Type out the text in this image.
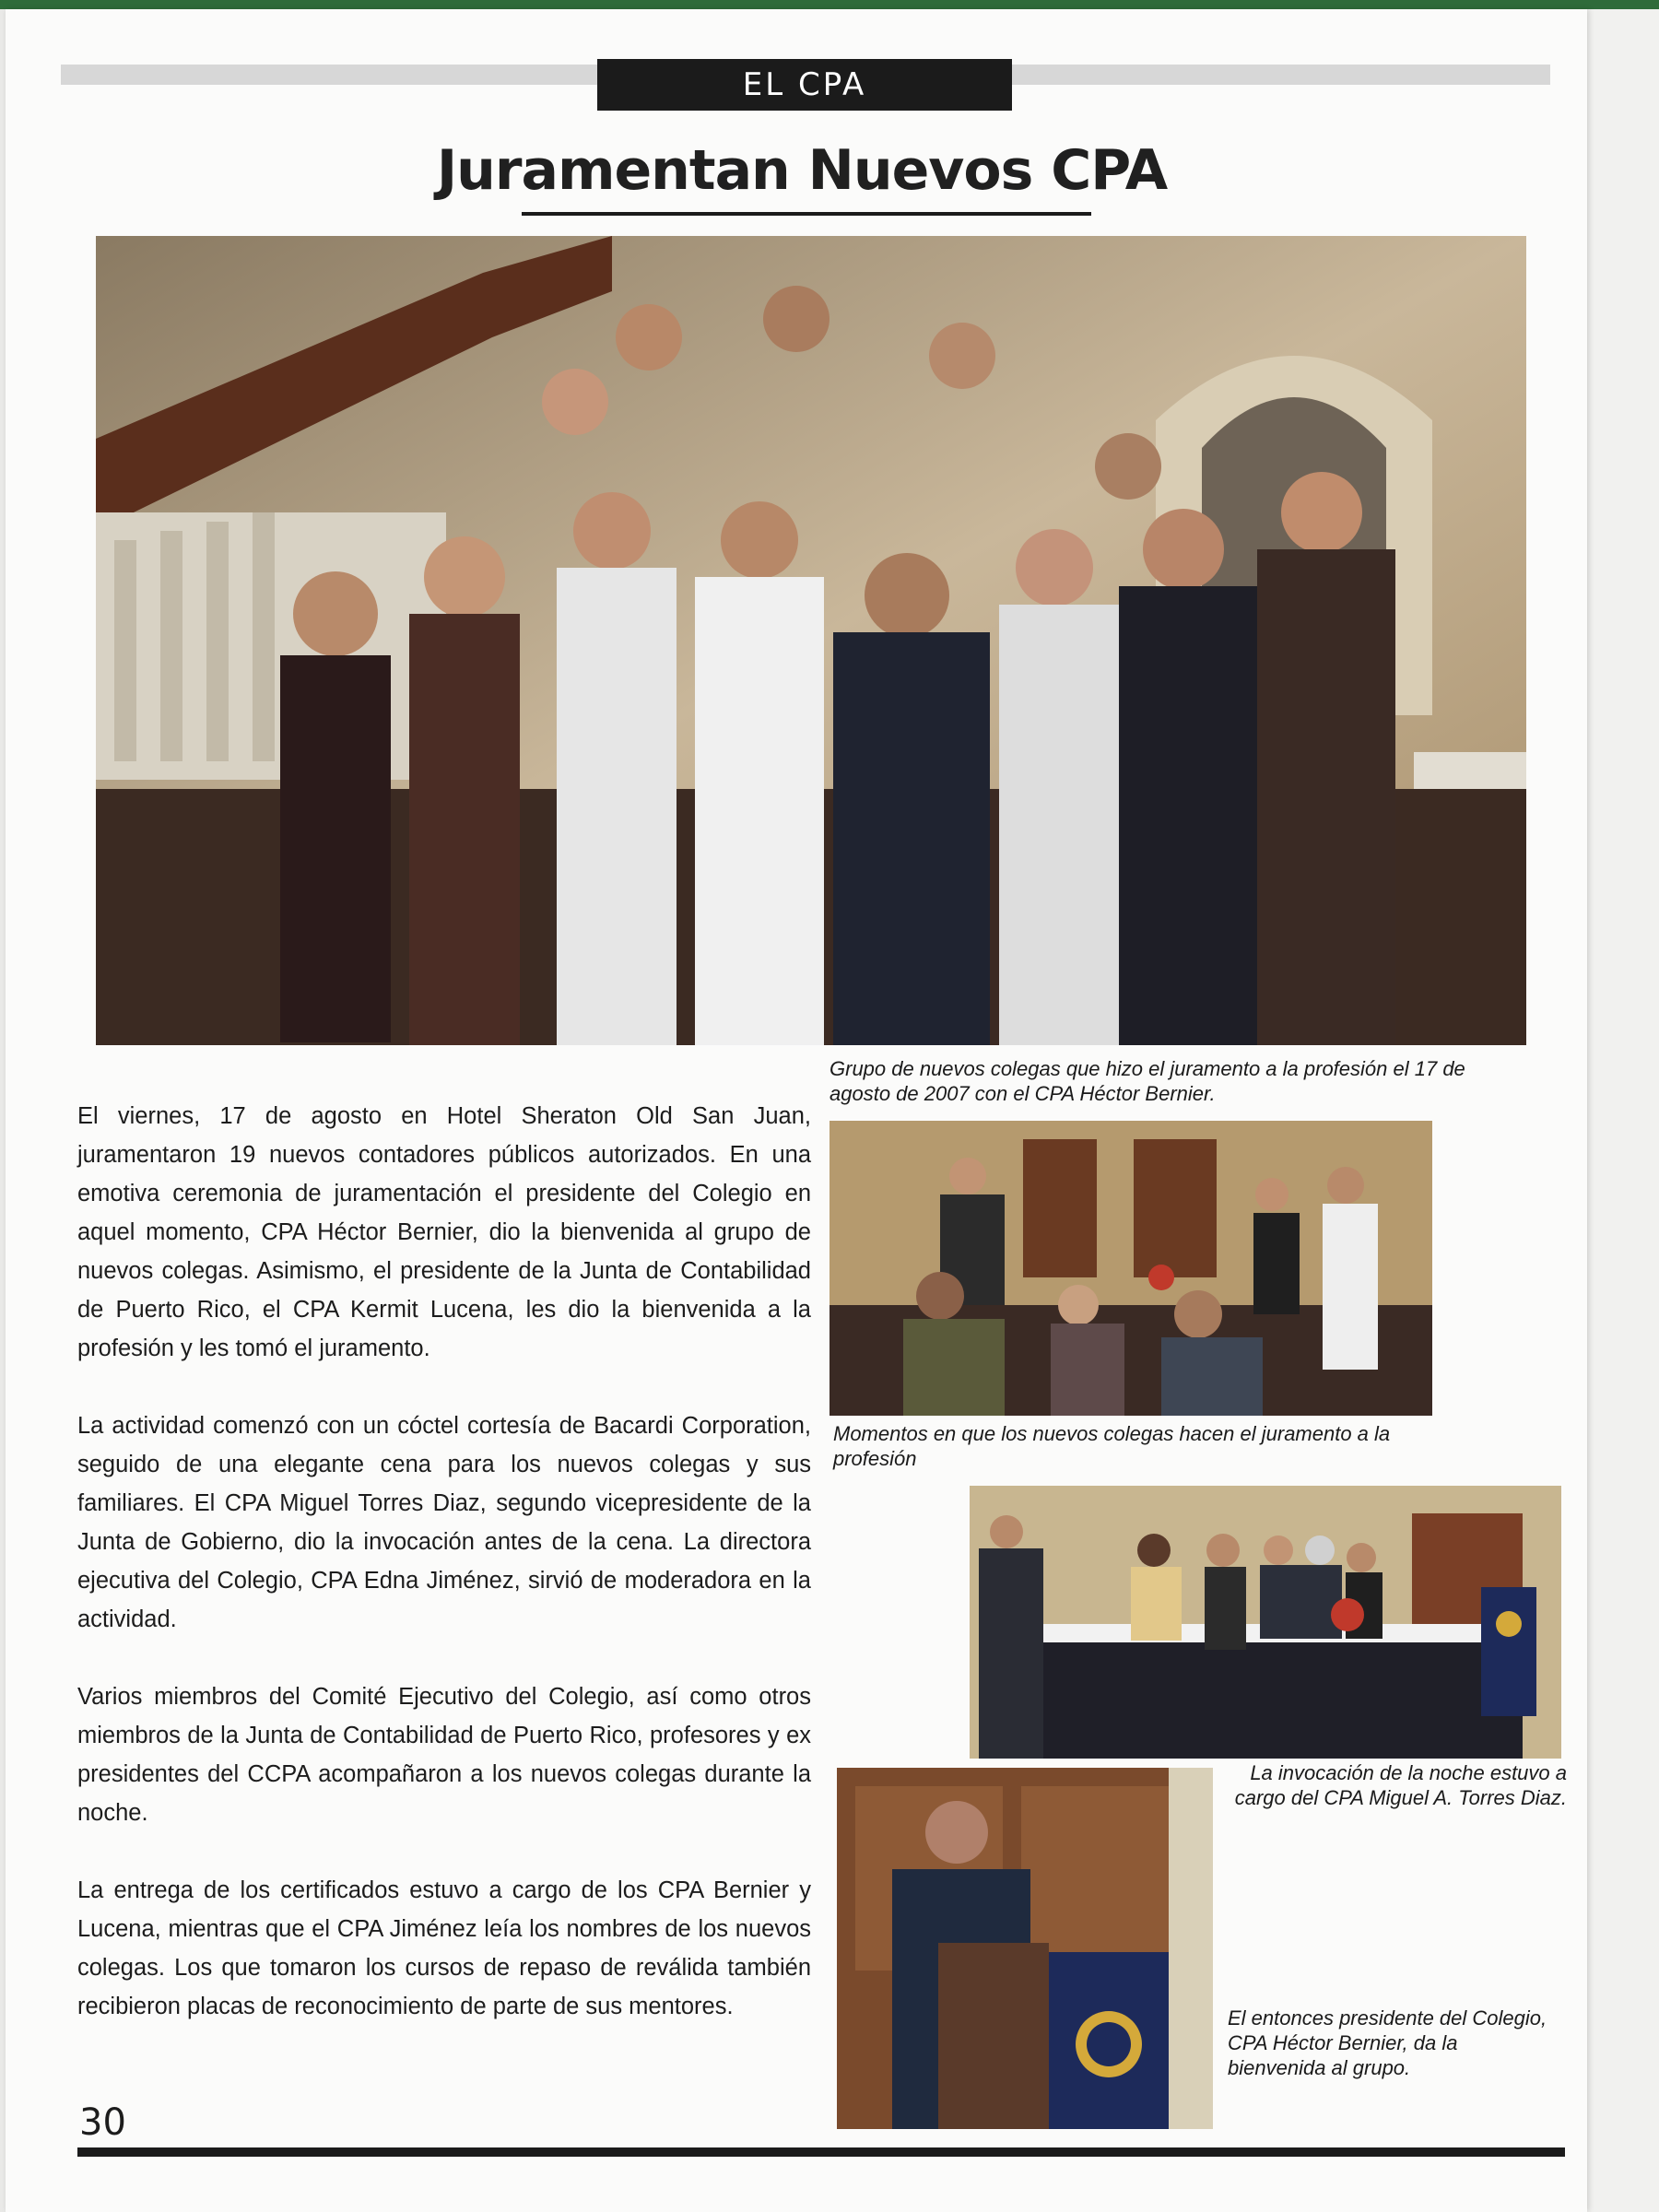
EL CPA
Juramentan Nuevos CPA
Grupo de nuevos colegas que hizo el juramento a la profesión el 17 de agosto de 2007 con el CPA Héctor Bernier.
Momentos en que los nuevos colegas hacen el juramento a la profesión
La invocación de la noche estuvo a cargo del CPA Miguel A. Torres Diaz.
El entonces presidente del Colegio, CPA Héctor Bernier, da la bienvenida al grupo.

El viernes, 17 de agosto en Hotel Sheraton Old San Juan, juramentaron 19 nuevos contadores públicos autorizados. En una emotiva ceremonia de juramentación el presidente del Colegio en aquel momento, CPA Héctor Bernier, dio la bienvenida al grupo de nuevos colegas. Asimismo, el presidente de la Junta de Contabilidad de Puerto Rico, el CPA Kermit Lucena, les dio la bienvenida a la profesión y les tomó el juramento.

La actividad comenzó con un cóctel cortesía de Bacardi Corporation, seguido de una elegante cena para los nuevos colegas y sus familiares. El CPA Miguel Torres Diaz, segundo vicepresidente de la Junta de Gobierno, dio la invocación antes de la cena. La directora ejecutiva del Colegio, CPA Edna Jiménez, sirvió de moderadora en la actividad.

Varios miembros del Comité Ejecutivo del Colegio, así como otros miembros de la Junta de Contabilidad de Puerto Rico, profesores y ex presidentes del CCPA acompañaron a los nuevos colegas durante la noche.

La entrega de los certificados estuvo a cargo de los CPA Bernier y Lucena, mientras que el CPA Jiménez leía los nombres de los nuevos colegas. Los que tomaron los cursos de repaso de reválida también recibieron placas de reconocimiento de parte de sus mentores.

30
